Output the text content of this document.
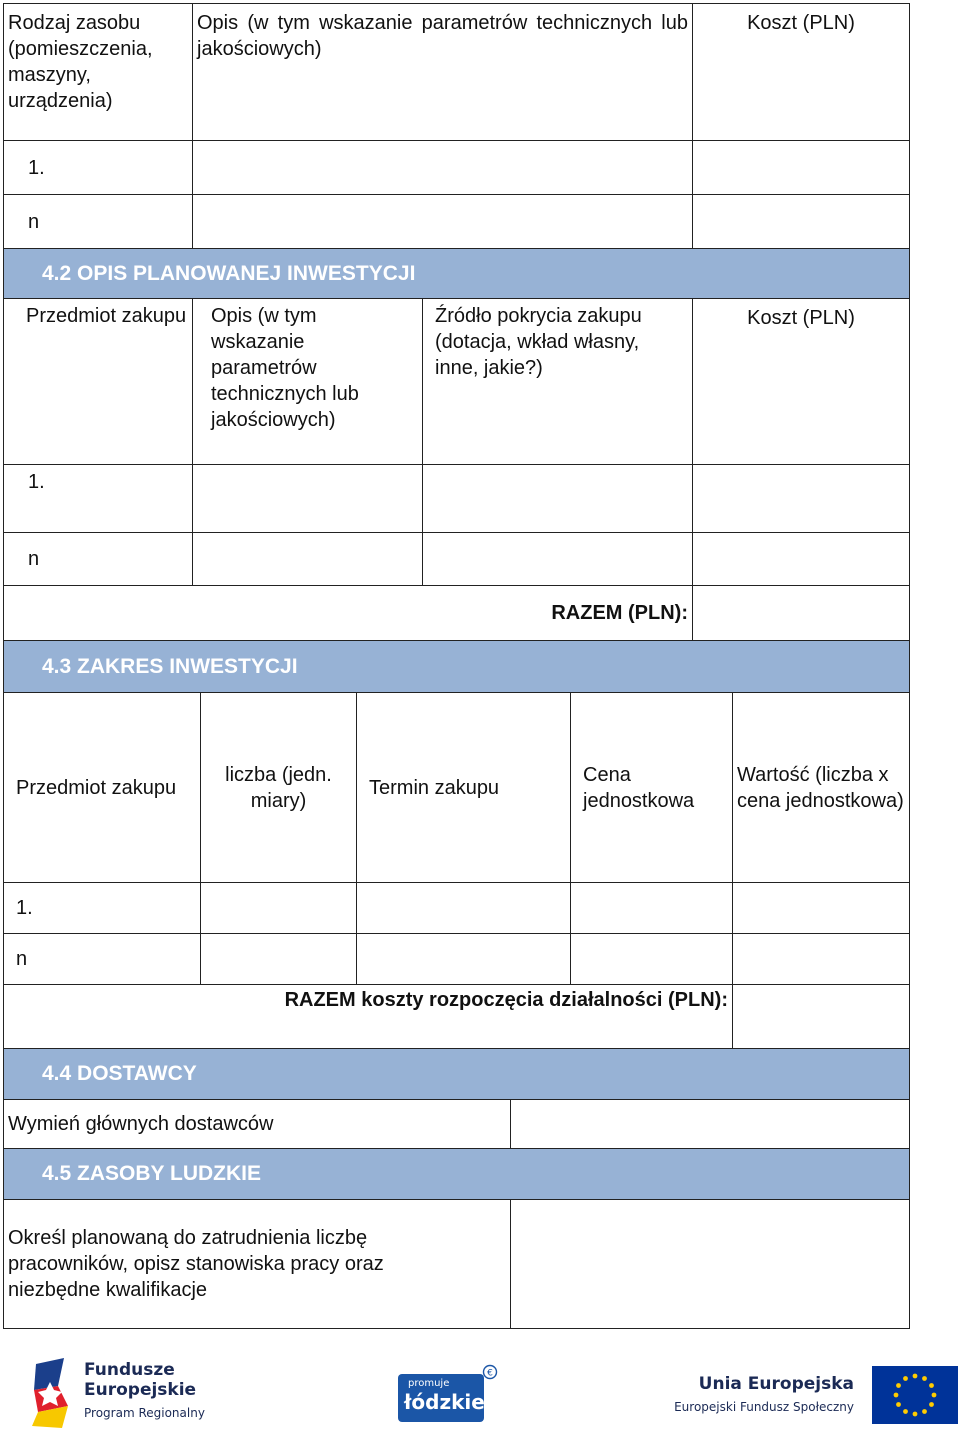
Rodzaj zasobu (pomieszczenia, maszyny, urządzenia)	Opis (w tym wskazanie parametrów technicznych lub jakościowych)	Koszt (PLN)
1.		
n		
4.2 OPIS PLANOWANEJ INWESTYCJI			
Przedmiot zakupu	Opis (w tym wskazanie parametrów technicznych lub jakościowych)	Źródło pokrycia zakupu (dotacja, wkład własny, inne, jakie?)	Koszt (PLN)
1.			
n			
RAZEM (PLN):			
4.3 ZAKRES INWESTYCJI				
Przedmiot zakupu	liczba (jedn. miary)	Termin zakupu	Cena jednostkowa	Wartość (liczba x cena jednostkowa)
1.				
n				
RAZEM koszty rozpoczęcia działalności (PLN):				
4.4 DOSTAWCY
Wymień głównych dostawców	
4.5 ZASOBY LUDZKIE
Określ planowaną do zatrudnienia liczbę pracowników, opisz stanowiska pracy oraz niezbędne kwalifikacje	
Fundusze
Europejskie
Program Regionalny
promuje
łódzkie
€
Unia Europejska
Europejski Fundusz Społeczny
